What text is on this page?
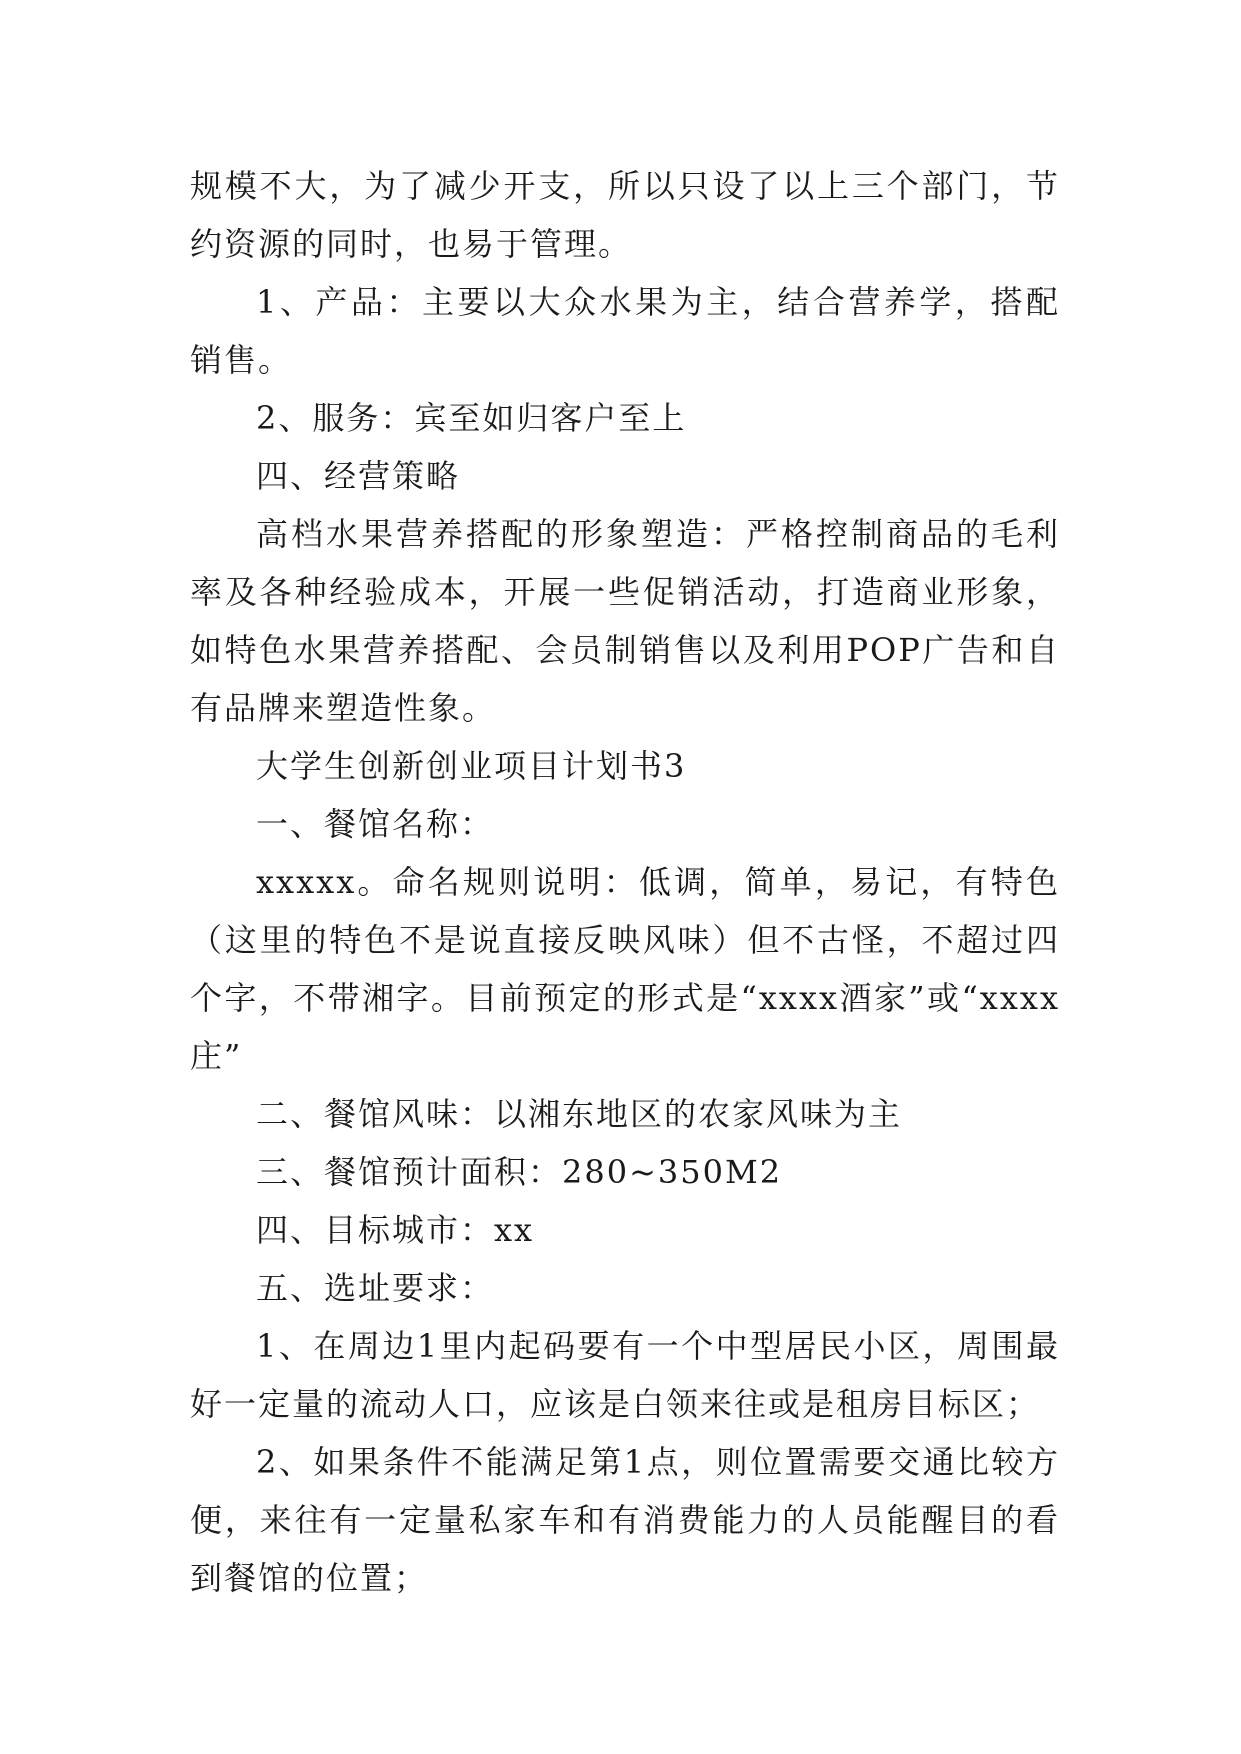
规模不大，为了减少开支，所以只设了以上三个部门，节约资源的同时，也易于管理。

1、产品：主要以大众水果为主，结合营养学，搭配销售。

2、服务：宾至如归客户至上

四、经营策略

高档水果营养搭配的形象塑造：严格控制商品的毛利率及各种经验成本，开展一些促销活动，打造商业形象，如特色水果营养搭配、会员制销售以及利用POP广告和自有品牌来塑造性象。

大学生创新创业项目计划书3

一、餐馆名称：

xxxxx。命名规则说明：低调，简单，易记，有特色（这里的特色不是说直接反映风味）但不古怪，不超过四个字，不带湘字。目前预定的形式是“xxxx酒家”或“xxxx庄”

二、餐馆风味：以湘东地区的农家风味为主

三、餐馆预计面积：280~350M2

四、目标城市：xx

五、选址要求：

1、在周边1里内起码要有一个中型居民小区，周围最好一定量的流动人口，应该是白领来往或是租房目标区；

2、如果条件不能满足第1点，则位置需要交通比较方便，来往有一定量私家车和有消费能力的人员能醒目的看到餐馆的位置；
